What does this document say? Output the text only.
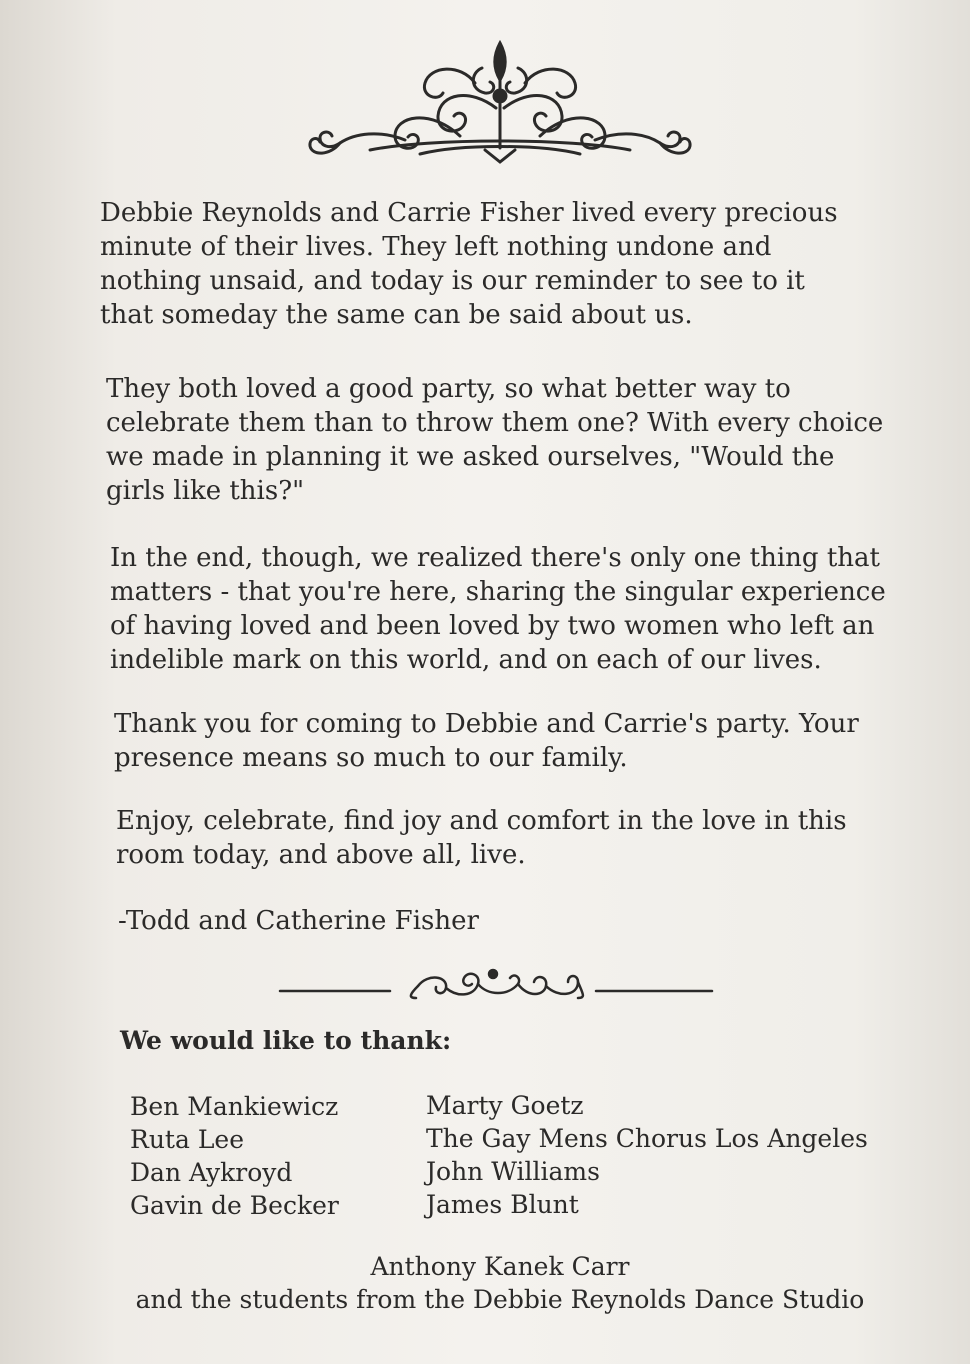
Debbie Reynolds and Carrie Fisher lived every precious
minute of their lives. They left nothing undone and
nothing unsaid, and today is our reminder to see to it
that someday the same can be said about us.

They both loved a good party, so what better way to
celebrate them than to throw them one? With every choice
we made in planning it we asked ourselves, "Would the
girls like this?"

In the end, though, we realized there's only one thing that
matters - that you're here, sharing the singular experience
of having loved and been loved by two women who left an
indelible mark on this world, and on each of our lives.

Thank you for coming to Debbie and Carrie's party. Your
presence means so much to our family.

Enjoy, celebrate, find joy and comfort in the love in this
room today, and above all, live.

-Todd and Catherine Fisher

We would like to thank:
Ben Mankiewicz
Ruta Lee
Dan Aykroyd
Gavin de Becker
Marty Goetz
The Gay Mens Chorus Los Angeles
John Williams
James Blunt

Anthony Kanek Carr

and the students from the Debbie Reynolds Dance Studio
